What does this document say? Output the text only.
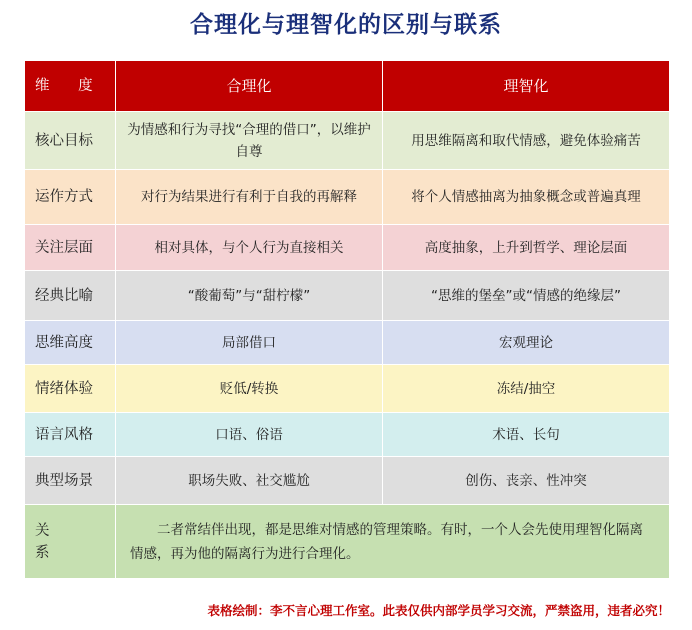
合理化与理智化的区别与联系
维 度	合理化	理智化
核心目标	为情感和行为寻找“合理的借口”，以维护自尊	用思维隔离和取代情感，避免体验痛苦
运作方式	对行为结果进行有利于自我的再解释	将个人情感抽离为抽象概念或普遍真理
关注层面	相对具体，与个人行为直接相关	高度抽象，上升到哲学、理论层面
经典比喻	“酸葡萄”与“甜柠檬”	“思维的堡垒”或“情感的绝缘层”
思维高度	局部借口	宏观理论
情绪体验	贬低/转换	冻结/抽空
语言风格	口语、俗语	术语、长句
典型场景	职场失败、社交尴尬	创伤、丧亲、性冲突
关 系	二者常结伴出现，都是思维对情感的管理策略。有时，一个人会先使用理智化隔离情感，再为他的隔离行为进行合理化。	
表格绘制：李不言心理工作室。此表仅供内部学员学习交流，严禁盗用，违者必究！
